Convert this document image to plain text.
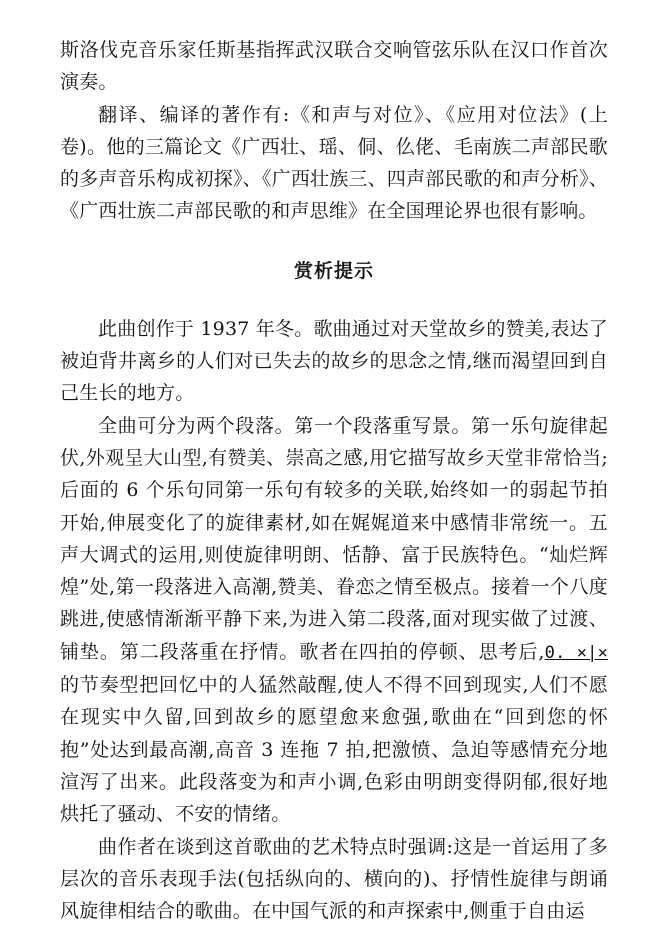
斯洛伐克音乐家任斯基指挥武汉联合交响管弦乐队在汉口作首次演奏。

翻译、编译的著作有:《和声与对位》、《应用对位法》(上卷)。他的三篇论文《广西壮、瑶、侗、仫佬、毛南族二声部民歌的多声音乐构成初探》、《广西壮族三、四声部民歌的和声分析》、《广西壮族二声部民歌的和声思维》在全国理论界也很有影响。

赏析提示

此曲创作于 1937 年冬。歌曲通过对天堂故乡的赞美,表达了被迫背井离乡的人们对已失去的故乡的思念之情,继而渴望回到自己生长的地方。

全曲可分为两个段落。第一个段落重写景。第一乐句旋律起伏,外观呈大山型,有赞美、崇高之感,用它描写故乡天堂非常恰当;后面的 6 个乐句同第一乐句有较多的关联,始终如一的弱起节拍开始,伸展变化了的旋律素材,如在娓娓道来中感情非常统一。五声大调式的运用,则使旋律明朗、恬静、富于民族特色。“灿烂辉煌”处,第一段落进入高潮,赞美、眷恋之情至极点。接着一个八度跳进,使感情渐渐平静下来,为进入第二段落,面对现实做了过渡、铺垫。第二段落重在抒情。歌者在四拍的停顿、思考后,0. ×|×的节奏型把回忆中的人猛然敲醒,使人不得不回到现实,人们不愿在现实中久留,回到故乡的愿望愈来愈强,歌曲在“回到您的怀抱”处达到最高潮,高音 3 连拖 7 拍,把激愤、急迫等感情充分地渲泻了出来。此段落变为和声小调,色彩由明朗变得阴郁,很好地烘托了骚动、不安的情绪。

曲作者在谈到这首歌曲的艺术特点时强调:这是一首运用了多层次的音乐表现手法(包括纵向的、横向的)、抒情性旋律与朗诵风旋律相结合的歌曲。在中国气派的和声探索中,侧重于自由运
